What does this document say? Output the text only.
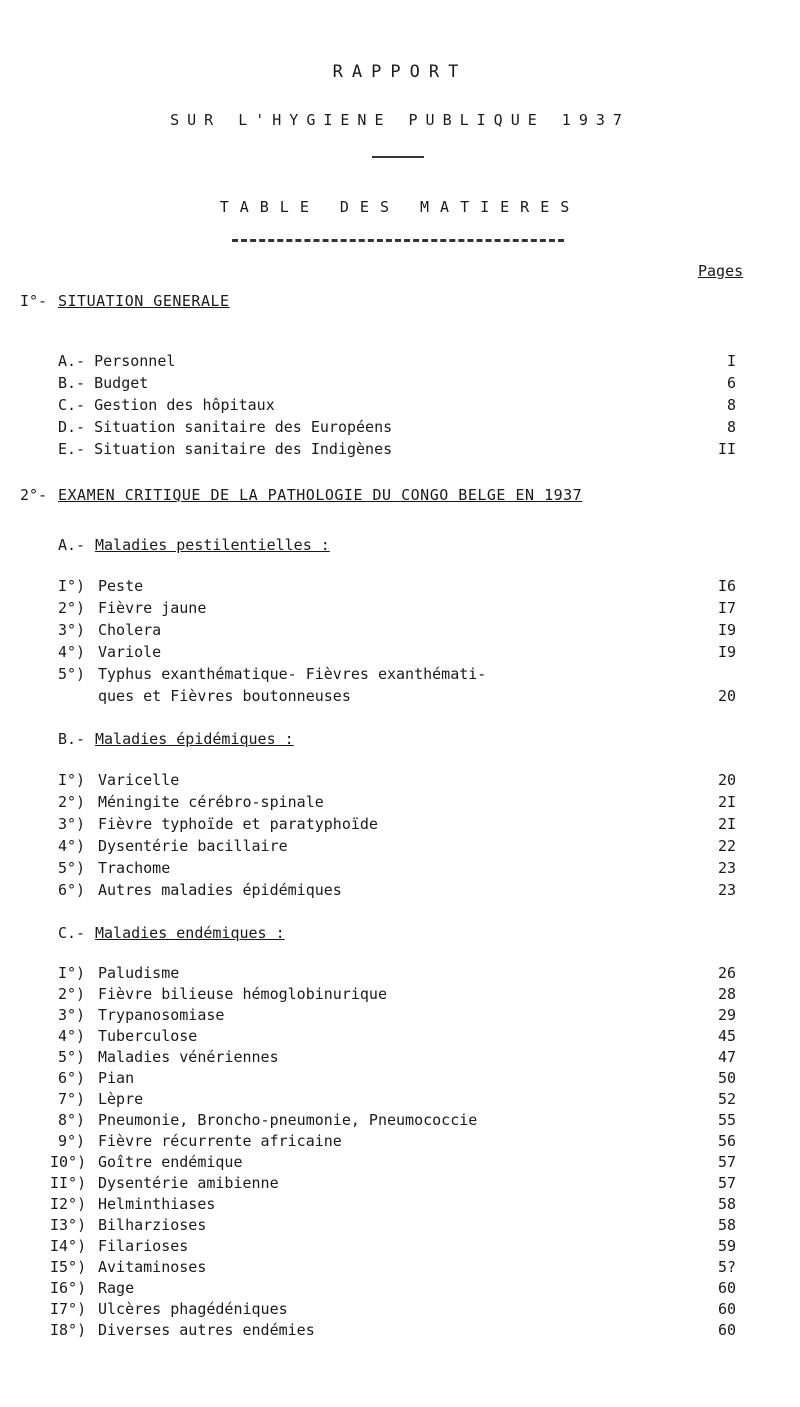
RAPPORT
SUR L'HYGIENE PUBLIQUE 1937
TABLE DES MATIERES
Pages
I°- SITUATION GENERALE
A.- Personnel	I
B.- Budget	6
C.- Gestion des hôpitaux	8
D.- Situation sanitaire des Européens	8
E.- Situation sanitaire des Indigènes	II
2°- EXAMEN CRITIQUE DE LA PATHOLOGIE DU CONGO BELGE EN 1937
A.- Maladies pestilentielles :
I°) Peste	I6
2°) Fièvre jaune	I7
3°) Cholera	I9
4°) Variole	I9
5°) Typhus exanthématique- Fièvres exanthémati-
ques et Fièvres boutonneuses	20
B.- Maladies épidémiques :
I°) Varicelle	20
2°) Méningite cérébro-spinale	2I
3°) Fièvre typhoïde et paratyphoïde	2I
4°) Dysentérie bacillaire	22
5°) Trachome	23
6°) Autres maladies épidémiques	23
C.- Maladies endémiques :
I°) Paludisme	26
2°) Fièvre bilieuse hémoglobinurique	28
3°) Trypanosomiase	29
4°) Tuberculose	45
5°) Maladies vénériennes	47
6°) Pian	50
7°) Lèpre	52
8°) Pneumonie, Broncho-pneumonie, Pneumococcie	55
9°) Fièvre récurrente africaine	56
I0°) Goître endémique	57
II°) Dysentérie amibienne	57
I2°) Helminthiases	58
I3°) Bilharzioses	58
I4°) Filarioses	59
I5°) Avitaminoses	5?
I6°) Rage	60
I7°) Ulcères phagédéniques	60
I8°) Diverses autres endémies	60
